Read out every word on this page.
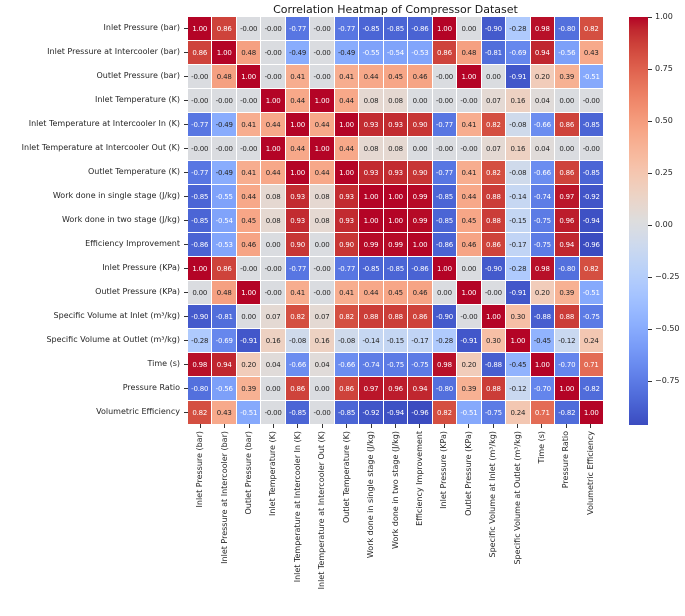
Correlation Heatmap of Compressor Dataset
1.00	0.86	-0.00	-0.00	-0.77	-0.00	-0.77	-0.85	-0.85	-0.86	1.00	0.00	-0.90	-0.28	0.98	-0.80	0.82
0.86	1.00	0.48	-0.00	-0.49	-0.00	-0.49	-0.55	-0.54	-0.53	0.86	0.48	-0.81	-0.69	0.94	-0.56	0.43
-0.00	0.48	1.00	-0.00	0.41	-0.00	0.41	0.44	0.45	0.46	-0.00	1.00	0.00	-0.91	0.20	0.39	-0.51
-0.00	-0.00	-0.00	1.00	0.44	1.00	0.44	0.08	0.08	0.00	-0.00	-0.00	0.07	0.16	0.04	0.00	-0.00
-0.77	-0.49	0.41	0.44	1.00	0.44	1.00	0.93	0.93	0.90	-0.77	0.41	0.82	-0.08	-0.66	0.86	-0.85
-0.00	-0.00	-0.00	1.00	0.44	1.00	0.44	0.08	0.08	0.00	-0.00	-0.00	0.07	0.16	0.04	0.00	-0.00
-0.77	-0.49	0.41	0.44	1.00	0.44	1.00	0.93	0.93	0.90	-0.77	0.41	0.82	-0.08	-0.66	0.86	-0.85
-0.85	-0.55	0.44	0.08	0.93	0.08	0.93	1.00	1.00	0.99	-0.85	0.44	0.88	-0.14	-0.74	0.97	-0.92
-0.85	-0.54	0.45	0.08	0.93	0.08	0.93	1.00	1.00	0.99	-0.85	0.45	0.88	-0.15	-0.75	0.96	-0.94
-0.86	-0.53	0.46	0.00	0.90	0.00	0.90	0.99	0.99	1.00	-0.86	0.46	0.86	-0.17	-0.75	0.94	-0.96
1.00	0.86	-0.00	-0.00	-0.77	-0.00	-0.77	-0.85	-0.85	-0.86	1.00	0.00	-0.90	-0.28	0.98	-0.80	0.82
0.00	0.48	1.00	-0.00	0.41	-0.00	0.41	0.44	0.45	0.46	0.00	1.00	-0.00	-0.91	0.20	0.39	-0.51
-0.90	-0.81	0.00	0.07	0.82	0.07	0.82	0.88	0.88	0.86	-0.90	-0.00	1.00	0.30	-0.88	0.88	-0.75
-0.28	-0.69	-0.91	0.16	-0.08	0.16	-0.08	-0.14	-0.15	-0.17	-0.28	-0.91	0.30	1.00	-0.45	-0.12	0.24
0.98	0.94	0.20	0.04	-0.66	0.04	-0.66	-0.74	-0.75	-0.75	0.98	0.20	-0.88	-0.45	1.00	-0.70	0.71
-0.80	-0.56	0.39	0.00	0.86	0.00	0.86	0.97	0.96	0.94	-0.80	0.39	0.88	-0.12	-0.70	1.00	-0.82
0.82	0.43	-0.51	-0.00	-0.85	-0.00	-0.85	-0.92	-0.94	-0.96	0.82	-0.51	-0.75	0.24	0.71	-0.82	1.00
Inlet Pressure (bar)
Inlet Pressure at Intercooler (bar)
Outlet Pressure (bar)
Inlet Temperature (K)
Inlet Temperature at Intercooler In (K)
Inlet Temperature at Intercooler Out (K)
Outlet Temperature (K)
Work done in single stage (J/kg)
Work done in two stage (J/kg)
Efficiency Improvement
Inlet Pressure (KPa)
Outlet Pressure (KPa)
Specific Volume at Inlet (m³/kg)
Specific Volume at Outlet (m³/kg)
Time (s)
Pressure Ratio
Volumetric Efficiency
Inlet Pressure (bar) Inlet Pressure at Intercooler (bar) Outlet Pressure (bar) Inlet Temperature (K) Inlet Temperature at Intercooler In (K) Inlet Temperature at Intercooler Out (K) Outlet Temperature (K) Work done in single stage (J/kg) Work done in two stage (J/kg) Efficiency Improvement Inlet Pressure (KPa) Outlet Pressure (KPa) Specific Volume at Inlet (m³/kg) Specific Volume at Outlet (m³/kg) Time (s) Pressure Ratio Volumetric Efficiency
1.00
0.75
0.50
0.25
0.00
−0.25
−0.50
−0.75
